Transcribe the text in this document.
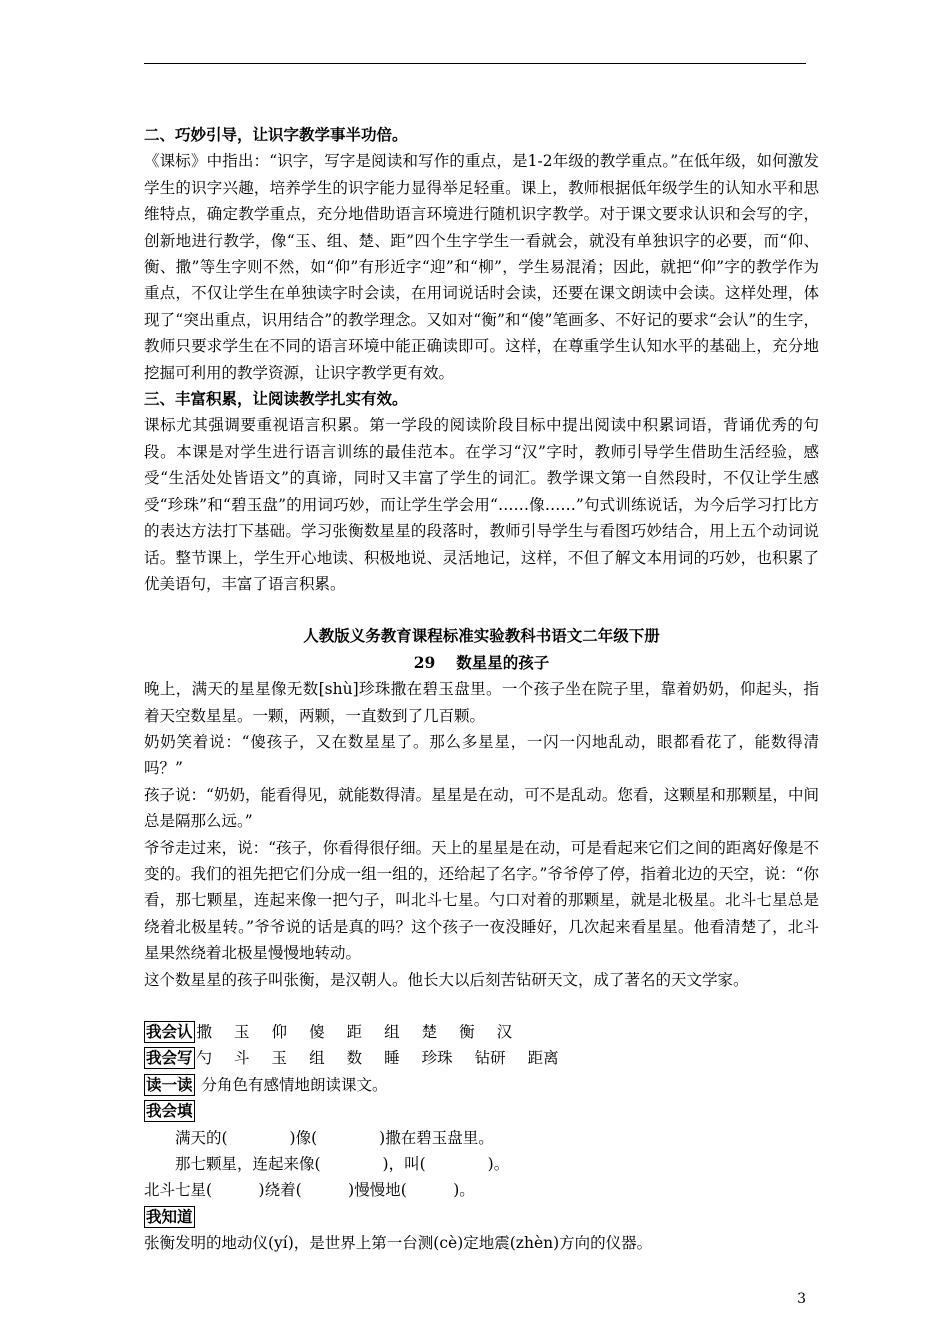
二、巧妙引导，让识字教学事半功倍。

《课标》中指出：“识字，写字是阅读和写作的重点，是1-2年级的教学重点。”在低年级，如何激发学生的识字兴趣，培养学生的识字能力显得举足轻重。课上，教师根据低年级学生的认知水平和思维特点，确定教学重点，充分地借助语言环境进行随机识字教学。对于课文要求认识和会写的字，创新地进行教学，像“玉、组、楚、距”四个生字学生一看就会，就没有单独识字的必要，而“仰、衡、撒”等生字则不然，如“仰”有形近字“迎”和“柳”，学生易混淆；因此，就把“仰”字的教学作为重点，不仅让学生在单独读字时会读，在用词说话时会读，还要在课文朗读中会读。这样处理，体现了“突出重点，识用结合”的教学理念。又如对“衡”和“傻”笔画多、不好记的要求“会认”的生字，教师只要求学生在不同的语言环境中能正确读即可。这样，在尊重学生认知水平的基础上，充分地挖掘可利用的教学资源，让识字教学更有效。

三、丰富积累，让阅读教学扎实有效。

课标尤其强调要重视语言积累。第一学段的阅读阶段目标中提出阅读中积累词语，背诵优秀的句段。本课是对学生进行语言训练的最佳范本。在学习“汉”字时，教师引导学生借助生活经验，感受“生活处处皆语文”的真谛，同时又丰富了学生的词汇。教学课文第一自然段时，不仅让学生感受“珍珠”和“碧玉盘”的用词巧妙，而让学生学会用“……像……”句式训练说话，为今后学习打比方的表达方法打下基础。学习张衡数星星的段落时，教师引导学生与看图巧妙结合，用上五个动词说话。整节课上，学生开心地读、积极地说、灵活地记，这样，不但了解文本用词的巧妙，也积累了优美语句，丰富了语言积累。

人教版义务教育课程标准实验教科书语文二年级下册

29　 数星星的孩子

晚上，满天的星星像无数[shù]珍珠撒在碧玉盘里。一个孩子坐在院子里，靠着奶奶，仰起头，指着天空数星星。一颗，两颗，一直数到了几百颗。

奶奶笑着说：“傻孩子，又在数星星了。那么多星星，一闪一闪地乱动，眼都看花了，能数得清吗？”

孩子说：“奶奶，能看得见，就能数得清。星星是在动，可不是乱动。您看，这颗星和那颗星，中间总是隔那么远。”

爷爷走过来，说：“孩子，你看得很仔细。天上的星星是在动，可是看起来它们之间的距离好像是不变的。我们的祖先把它们分成一组一组的，还给起了名字。”爷爷停了停，指着北边的天空，说：“你看，那七颗星，连起来像一把勺子，叫北斗七星。勺口对着的那颗星，就是北极星。北斗七星总是绕着北极星转。”爷爷说的话是真的吗？这个孩子一夜没睡好，几次起来看星星。他看清楚了，北斗星果然绕着北极星慢慢地转动。

这个数星星的孩子叫张衡，是汉朝人。他长大以后刻苦钻研天文，成了著名的天文学家。

我会认 撒 玉 仰 傻 距 组 楚 衡 汉

我会写 勺 斗 玉 组 数 睡 珍珠 钻研 距离

读一读 分角色有感情地朗读课文。

我会填

满天的(　　　　)像(　　　　)撒在碧玉盘里。

那七颗星，连起来像(　　　　)，叫(　　　　)。

北斗七星(　　　)绕着(　　　)慢慢地(　　　)。

我知道

张衡发明的地动仪(yí)，是世界上第一台测(cè)定地震(zhèn)方向的仪器。

3
